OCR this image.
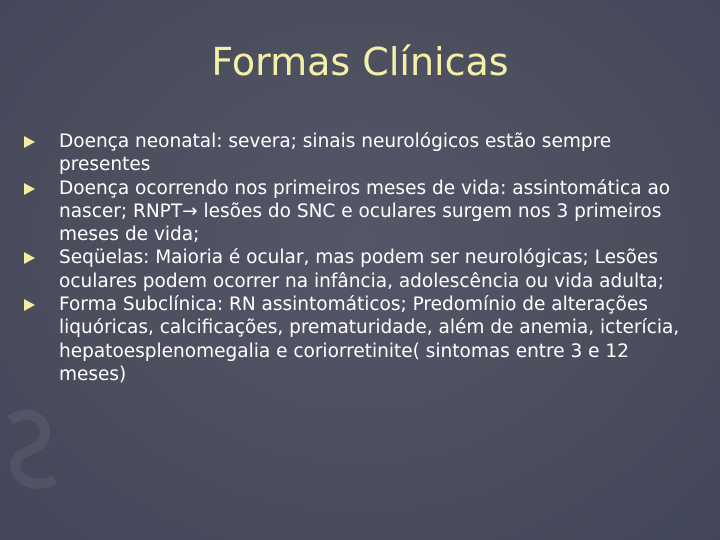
Formas Clínicas
Doença neonatal: severa; sinais neurológicos estão sempre presentes
Doença ocorrendo nos primeiros meses de vida: assintomática ao nascer; RNPT→ lesões do SNC e oculares surgem nos 3 primeiros meses de vida;
Seqüelas: Maioria é ocular, mas podem ser neurológicas; Lesões oculares podem ocorrer na infância, adolescência ou vida adulta;
Forma Subclínica: RN assintomáticos; Predomínio de alterações liquóricas, calcificações, prematuridade, além de anemia, icterícia, hepatoesplenomegalia e coriorretinite( sintomas entre 3 e 12 meses)
